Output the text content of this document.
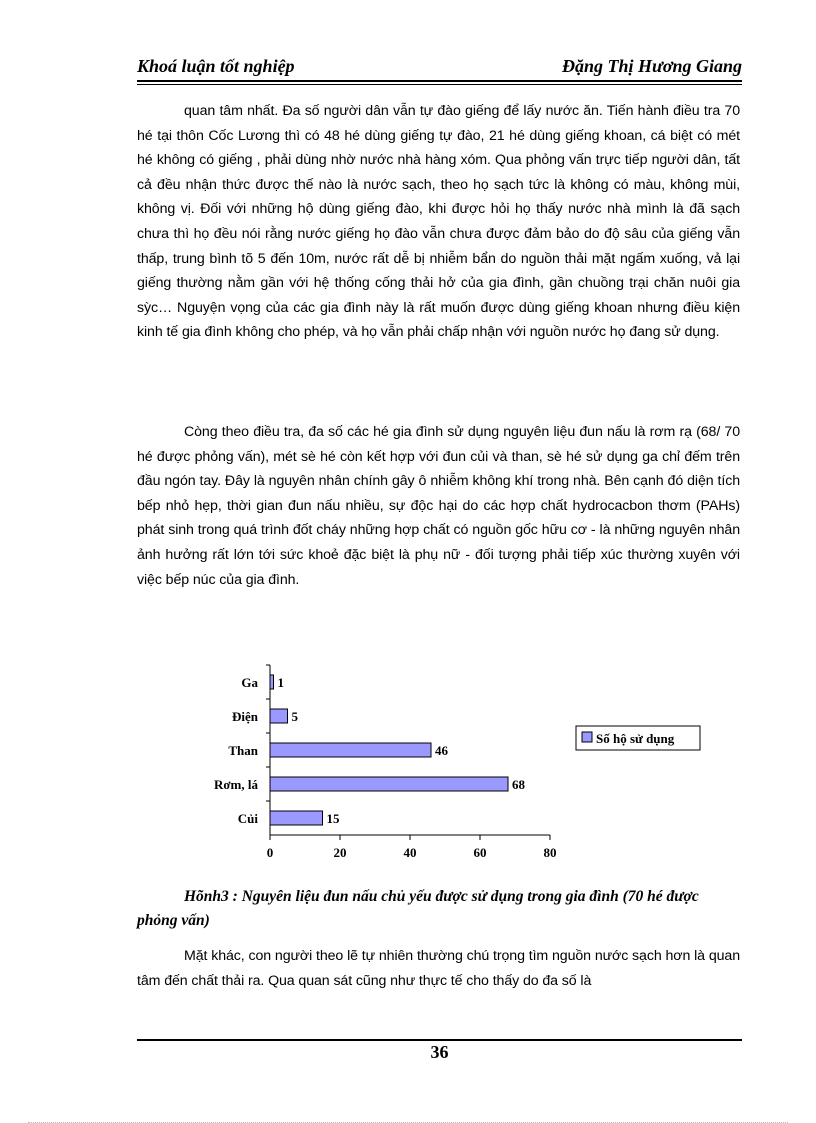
Khoá luận tốt nghiệp	Đặng Thị Hương Giang

quan tâm nhất. Đa số người dân vẫn tự đào giếng để lấy nước ăn. Tiến hành điều tra 70 hé tại thôn Cốc Lương thì có 48 hé dùng giếng tự đào, 21 hé dùng giếng khoan, cá biệt có mét hé không có giếng , phải dùng nhờ nước nhà hàng xóm. Qua phỏng vấn trực tiếp người dân, tất cả đều nhận thức được thế nào là nước sạch, theo họ sạch tức là không có màu, không mùi, không vị. Đối với những hộ dùng giếng đào, khi được hỏi họ thấy nước nhà mình là đã sạch chưa thì họ đều nói rằng nước giếng họ đào vẫn chưa được đảm bảo do độ sâu của giếng vẫn thấp, trung bình tõ 5 đến 10m, nước rất dễ bị nhiễm bẩn do nguồn thải mặt ngấm xuống, vả lại giếng thường nằm gần với hệ thống cống thải hở của gia đình, gần chuồng trại chăn nuôi gia sỳc… Nguyện vọng của các gia đình này là rất muốn được dùng giếng khoan nhưng điều kiện kinh tế gia đình không cho phép, và họ vẫn phải chấp nhận với nguồn nước họ đang sử dụng.

Còng theo điều tra, đa số các hé gia đình sử dụng nguyên liệu đun nấu là rơm rạ (68/ 70 hé được phỏng vấn), mét sè hé còn kết hợp với đun củi và than, sè hé sử dụng ga chỉ đếm trên đầu ngón tay. Đây là nguyên nhân chính gây ô nhiễm không khí trong nhà. Bên cạnh đó diện tích bếp nhỏ hẹp, thời gian đun nấu nhiều, sự độc hại do các hợp chất hydrocacbon thơm (PAHs) phát sinh trong quá trình đốt cháy những hợp chất có nguồn gốc hữu cơ - là những nguyên nhân ảnh hưởng rất lớn tới sức khoẻ đặc biệt là phụ nữ - đối tượng phải tiếp xúc thường xuyên với việc bếp núc của gia đình.

0	20	40	60	80
Ga 1
Điện	5
Than	46
Rơm, lá	68
Củi	15
Số hộ sử dụng

Hõnh3 : Nguyên liệu đun nấu chủ yếu được sử dụng trong gia đình (70 hé được phỏng vấn)

Mặt khác, con người theo lẽ tự nhiên thường chú trọng tìm nguồn nước sạch hơn là quan tâm đến chất thải ra. Qua quan sát cũng như thực tế cho thấy do đa số là

36
